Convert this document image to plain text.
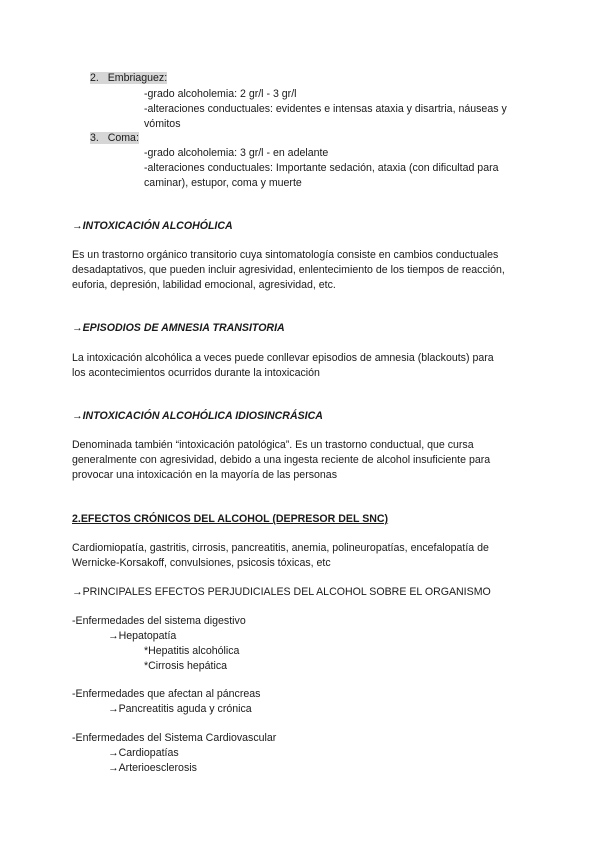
2. Embriaguez:
-grado alcoholemia: 2 gr/l - 3 gr/l
-alteraciones conductuales: evidentes e intensas ataxia y disartria, náuseas y
vómitos
3. Coma:
-grado alcoholemia: 3 gr/l - en adelante
-alteraciones conductuales: Importante sedación, ataxia (con dificultad para
caminar), estupor, coma y muerte
→INTOXICACIÓN ALCOHÓLICA
Es un trastorno orgánico transitorio cuya sintomatología consiste en cambios conductuales
desadaptativos, que pueden incluir agresividad, enlentecimiento de los tiempos de reacción,
euforia, depresión, labilidad emocional, agresividad, etc.
→EPISODIOS DE AMNESIA TRANSITORIA
La intoxicación alcohólica a veces puede conllevar episodios de amnesia (blackouts) para
los acontecimientos ocurridos durante la intoxicación
→INTOXICACIÓN ALCOHÓLICA IDIOSINCRÁSICA
Denominada también “intoxicación patológica”. Es un trastorno conductual, que cursa
generalmente con agresividad, debido a una ingesta reciente de alcohol insuficiente para
provocar una intoxicación en la mayoría de las personas
2.EFECTOS CRÓNICOS DEL ALCOHOL (DEPRESOR DEL SNC)
Cardiomiopatía, gastritis, cirrosis, pancreatitis, anemia, polineuropatías, encefalopatía de
Wernicke-Korsakoff, convulsiones, psicosis tóxicas, etc
→PRINCIPALES EFECTOS PERJUDICIALES DEL ALCOHOL SOBRE EL ORGANISMO
-Enfermedades del sistema digestivo
→Hepatopatía
*Hepatitis alcohólica
*Cirrosis hepática
-Enfermedades que afectan al páncreas
→Pancreatitis aguda y crónica
-Enfermedades del Sistema Cardiovascular
→Cardiopatías
→Arterioesclerosis
